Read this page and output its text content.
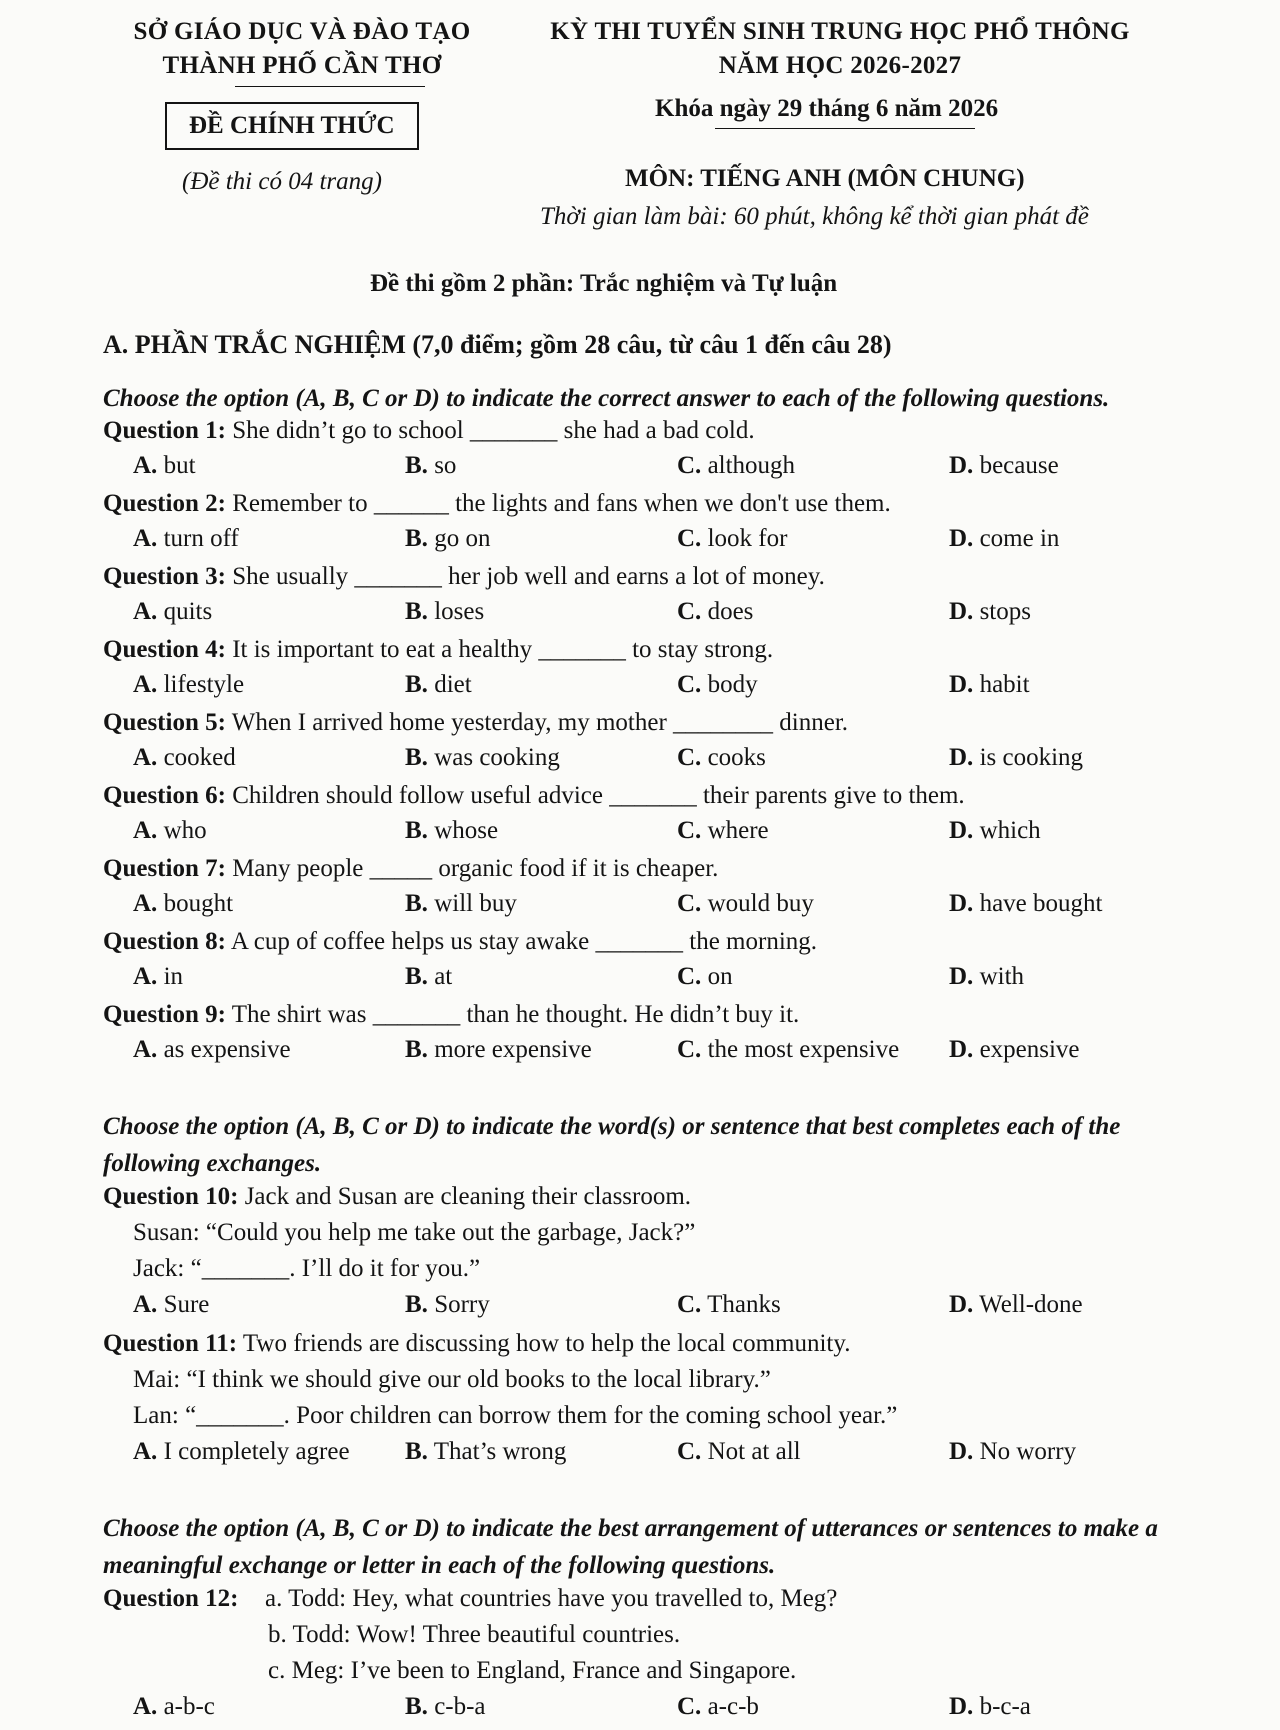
SỞ GIÁO DỤC VÀ ĐÀO TẠO
THÀNH PHỐ CẦN THƠ
ĐỀ CHÍNH THỨC
(Đề thi có 04 trang)
KỲ THI TUYỂN SINH TRUNG HỌC PHỔ THÔNG
NĂM HỌC 2026-2027
Khóa ngày 29 tháng 6 năm 2026
MÔN: TIẾNG ANH (MÔN CHUNG)
Thời gian làm bài: 60 phút, không kể thời gian phát đề
Đề thi gồm 2 phần: Trắc nghiệm và Tự luận
A. PHẦN TRẮC NGHIỆM (7,0 điểm; gồm 28 câu, từ câu 1 đến câu 28)
Choose the option (A, B, C or D) to indicate the correct answer to each of the following questions.
Question 1: She didn’t go to school _______ she had a bad cold.
A. but	B. so	C. although	D. because
Question 2: Remember to ______ the lights and fans when we don't use them.
A. turn off	B. go on	C. look for	D. come in
Question 3: She usually _______ her job well and earns a lot of money.
A. quits	B. loses	C. does	D. stops
Question 4: It is important to eat a healthy _______ to stay strong.
A. lifestyle	B. diet	C. body	D. habit
Question 5: When I arrived home yesterday, my mother ________ dinner.
A. cooked	B. was cooking	C. cooks	D. is cooking
Question 6: Children should follow useful advice _______ their parents give to them.
A. who	B. whose	C. where	D. which
Question 7: Many people _____ organic food if it is cheaper.
A. bought	B. will buy	C. would buy	D. have bought
Question 8: A cup of coffee helps us stay awake _______ the morning.
A. in	B. at	C. on	D. with
Question 9: The shirt was _______ than he thought. He didn’t buy it.
A. as expensive	B. more expensive	C. the most expensive D. expensive
Choose the option (A, B, C or D) to indicate the word(s) or sentence that best completes each of the following exchanges.
Question 10: Jack and Susan are cleaning their classroom.
Susan: “Could you help me take out the garbage, Jack?”
Jack: “_______. I’ll do it for you.”
A. Sure	B. Sorry	C. Thanks	D. Well-done
Question 11: Two friends are discussing how to help the local community.
Mai: “I think we should give our old books to the local library.”
Lan: “_______. Poor children can borrow them for the coming school year.”
A. I completely agree B. That’s wrong	C. Not at all	D. No worry
Choose the option (A, B, C or D) to indicate the best arrangement of utterances or sentences to make a meaningful exchange or letter in each of the following questions.
Question 12: a. Todd: Hey, what countries have you travelled to, Meg?
b. Todd: Wow! Three beautiful countries.
c. Meg: I’ve been to England, France and Singapore.
A. a-b-c	B. c-b-a	C. a-c-b	D. b-c-a
